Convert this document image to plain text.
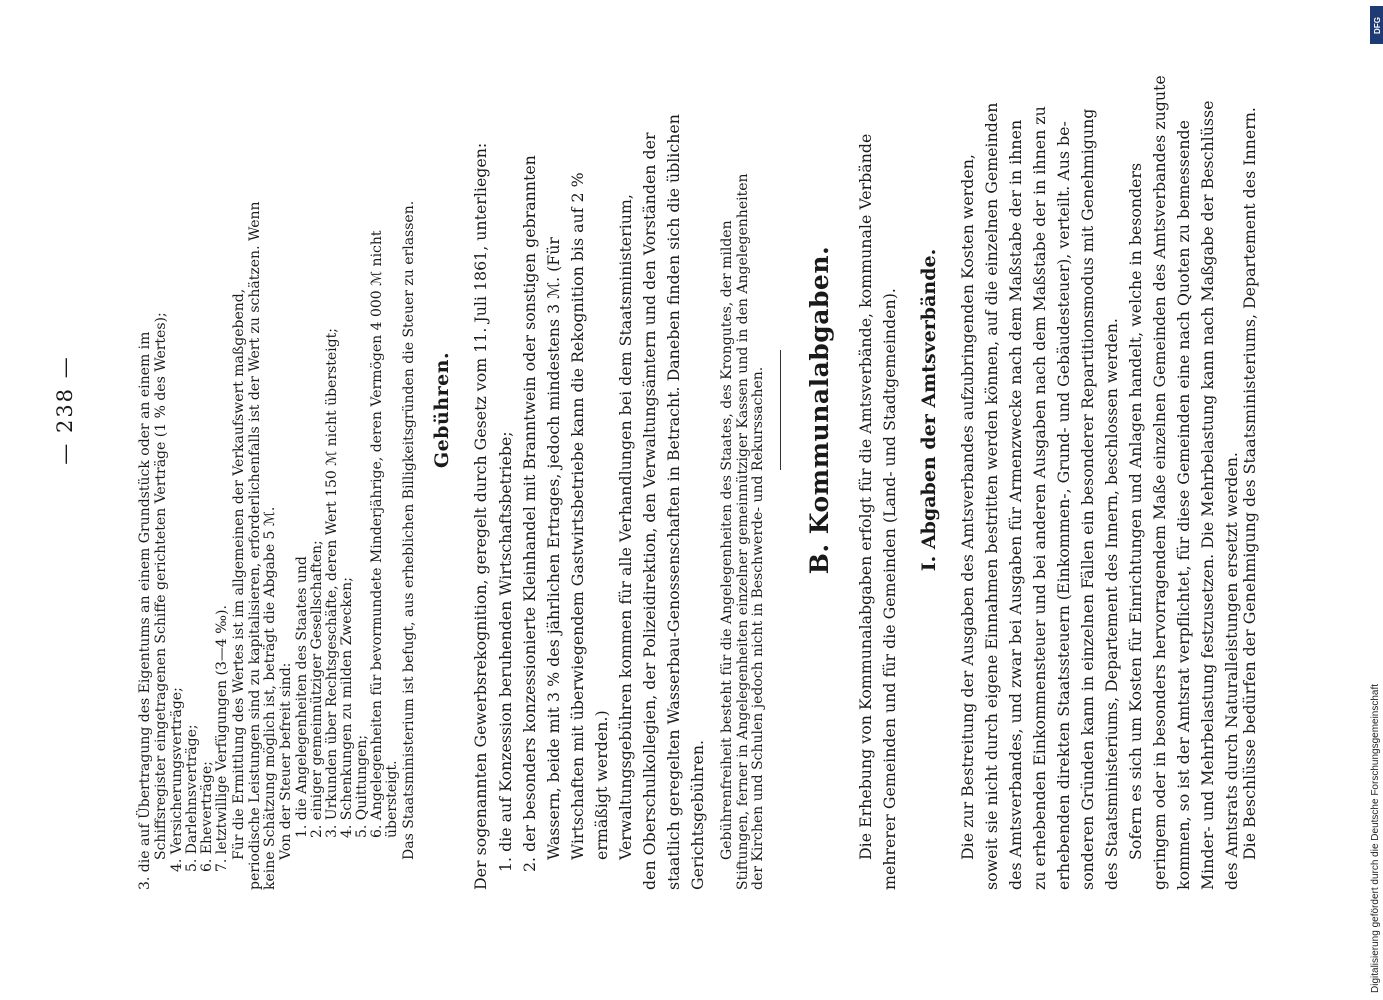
— 238 —	3. die auf Übertragung des Eigentums an einem Grundstück oder an einem im Schiffsregister eingetragenen Schiffe gerichteten Verträge (1 % des Wertes); 4. Versicherungsverträge; 5. Darlehnsverträge; 6. Eheverträge; 7. letztwillige Verfügungen (3—4 ‰). Für die Ermittlung des Wertes ist im allgemeinen der Verkaufswert maßgebend, periodische Leistungen sind zu kapitalisieren, erforderlichenfalls ist der Wert zu schätzen. Wenn keine Schätzung möglich ist, beträgt die Abgabe 5 ℳ. Von der Steuer befreit sind: 1. die Angelegenheiten des Staates und 2. einiger gemeinnütziger Gesellschaften; 3. Urkunden über Rechtsgeschäfte, deren Wert 150 ℳ nicht übersteigt; 4. Schenkungen zu milden Zwecken; 5. Quittungen; 6. Angelegenheiten für bevormundete Minderjährige, deren Vermögen 4 000 ℳ nicht übersteigt. Das Staatsministerium ist befugt, aus erheblichen Billigkeitsgründen die Steuer zu erlassen. Gebühren. Der sogenannten Gewerbsrekognition, geregelt durch Gesetz vom 11. Juli 1861, unterliegen: 1. die auf Konzession beruhenden Wirtschaftsbetriebe; 2. der besonders konzessionierte Kleinhandel mit Branntwein oder sonstigen gebrannten Wassern, beide mit 3 % des jährlichen Ertrages, jedoch mindestens 3 ℳ. (Für Wirtschaften mit überwiegendem Gastwirtsbetriebe kann die Rekognition bis auf 2 % ermäßigt werden.) Verwaltungsgebühren kommen für alle Verhandlungen bei dem Staatsministerium, den Oberschulkollegien, der Polizeidirektion, den Verwaltungsämtern und den Vorständen der staatlich geregelten Wasserbau-Genossenschaften in Betracht. Daneben finden sich die üblichen Gerichtsgebühren. Gebührenfreiheit besteht für die Angelegenheiten des Staates, des Krongutes, der milden Stiftungen, ferner in Angelegenheiten einzelner gemeinnütziger Kassen und in den Angelegenheiten der Kirchen und Schulen jedoch nicht in Beschwerde- und Rekurssachen. B. Kommunalabgaben. Die Erhebung von Kommunalabgaben erfolgt für die Amtsverbände, kommunale Verbände mehrerer Gemeinden und für die Gemeinden (Land- und Stadtgemeinden). I. Abgaben der Amtsverbände. Die zur Bestreitung der Ausgaben des Amtsverbandes aufzubringenden Kosten werden, soweit sie nicht durch eigene Einnahmen bestritten werden können, auf die einzelnen Gemeinden des Amtsverbandes, und zwar bei Ausgaben für Armenzwecke nach dem Maßstabe der in ihnen zu erhebenden Einkommensteuer und bei anderen Ausgaben nach dem Maßstabe der in ihnen zu erhebenden direkten Staatssteuern (Einkommen-, Grund- und Gebäudesteuer), verteilt. Aus be- sonderen Gründen kann in einzelnen Fällen ein besonderer Repartitionsmodus mit Genehmigung des Staatsministeriums, Departement des Innern, beschlossen werden. Sofern es sich um Kosten für Einrichtungen und Anlagen handelt, welche in besonders geringem oder in besonders hervorragendem Maße einzelnen Gemeinden des Amtsverbandes zugute kommen, so ist der Amtsrat verpflichtet, für diese Gemeinden eine nach Quoten zu bemessende Minder- und Mehrbelastung festzusetzen. Die Mehrbelastung kann nach Maßgabe der Beschlüsse des Amtsrats durch Naturalleistungen ersetzt werden. Die Beschlüsse bedürfen der Genehmigung des Staatsministeriums, Departement des Innern.
DFG
Digitalisierung gefördert durch die Deutsche Forschungsgemeinschaft
